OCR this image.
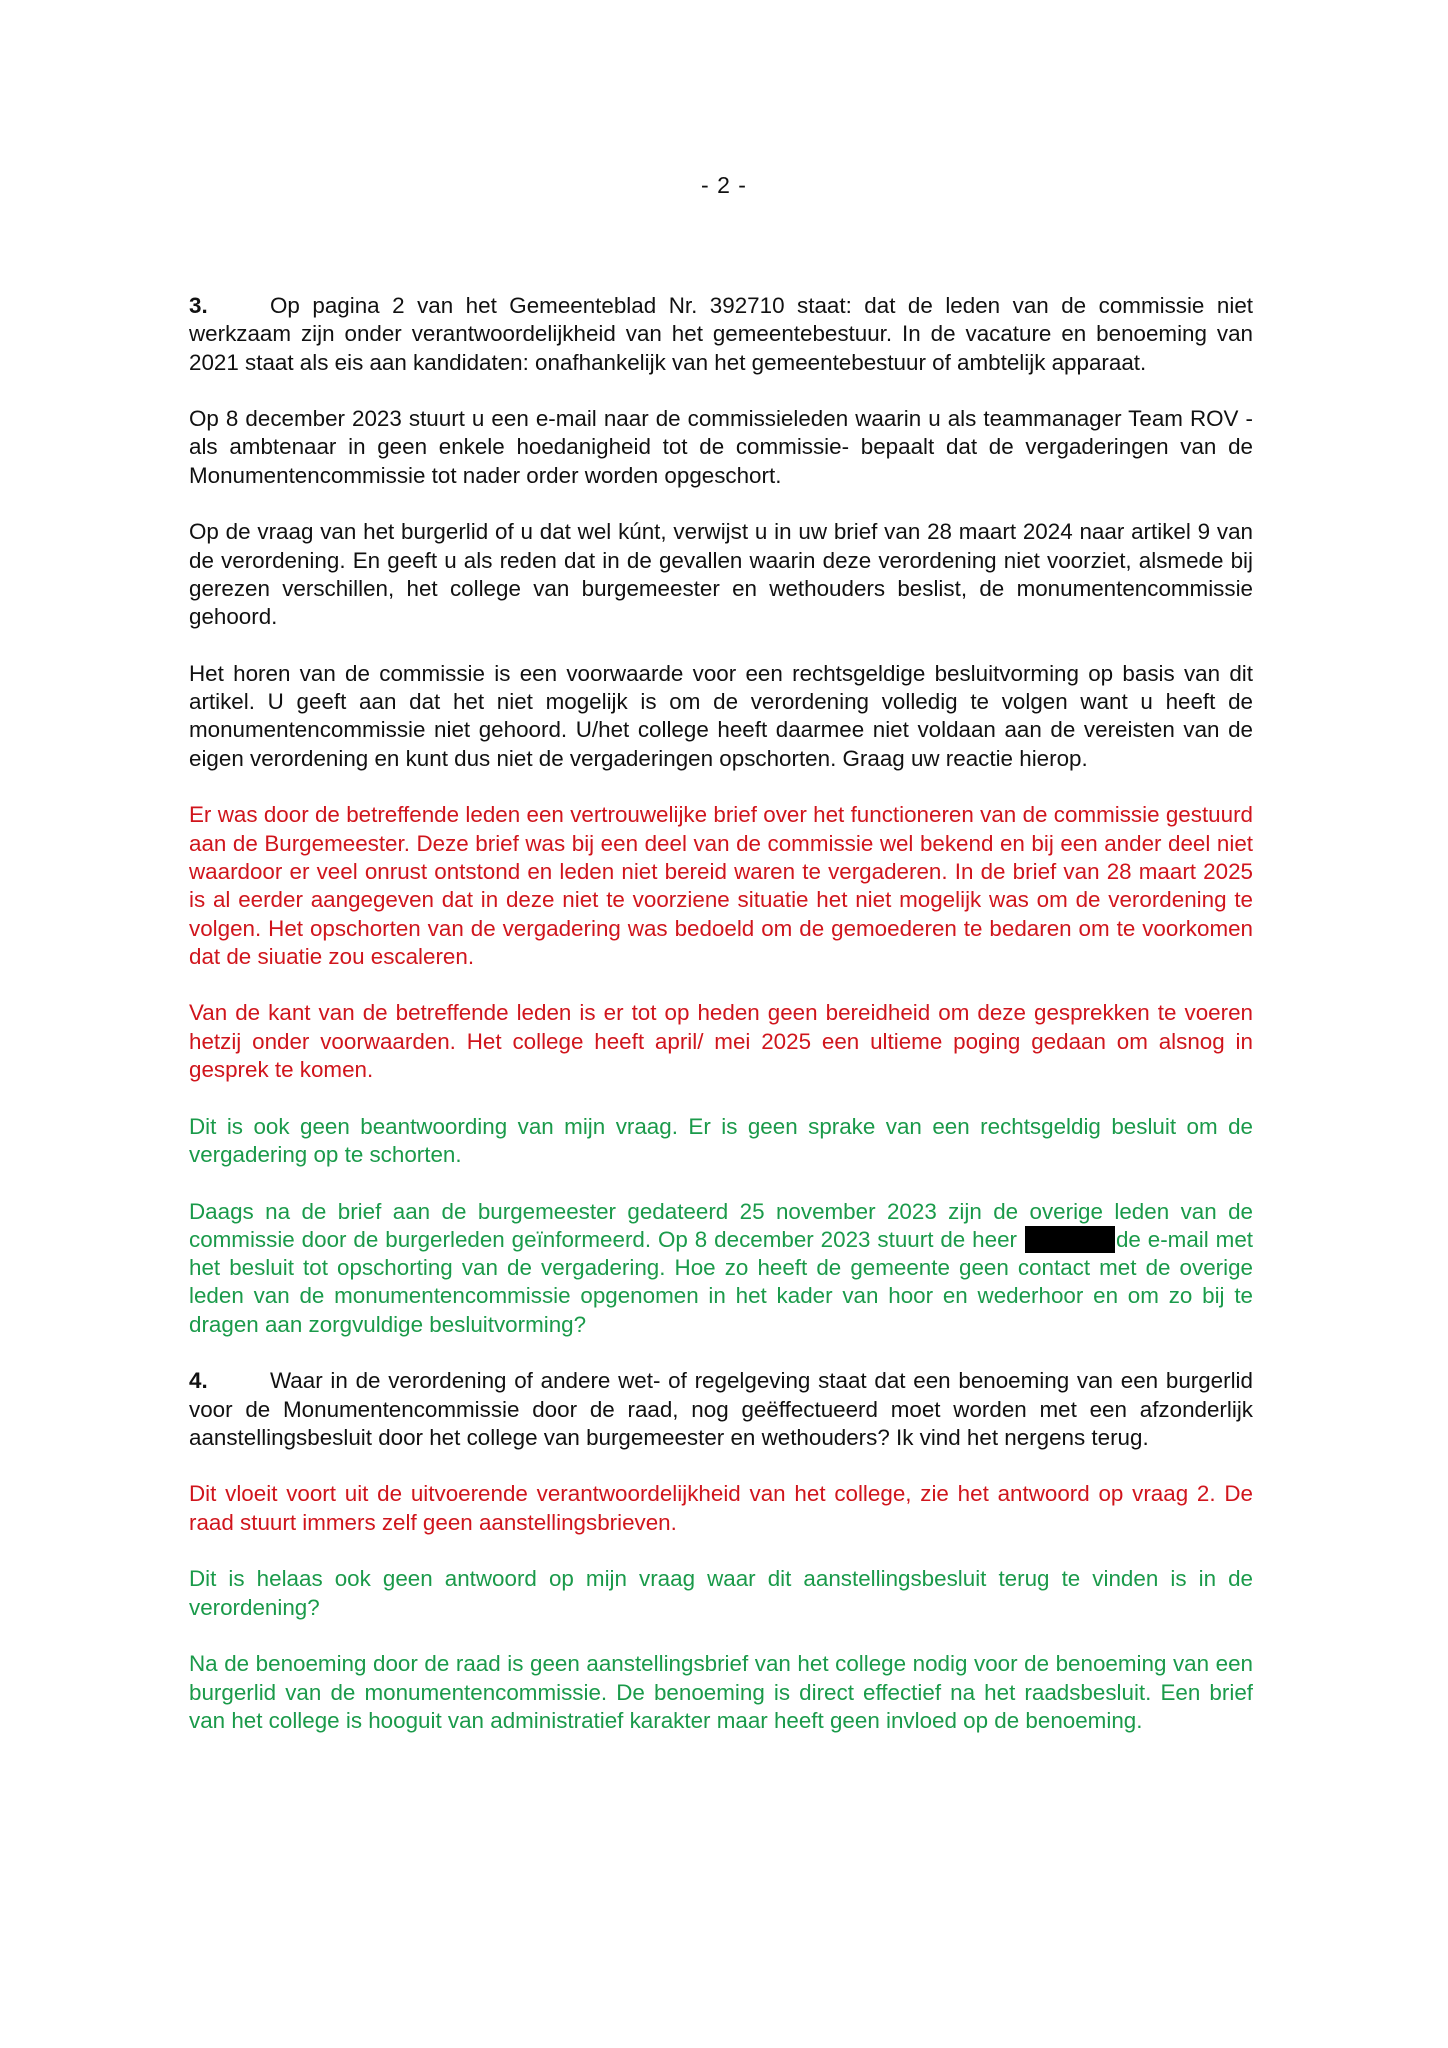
- 2 -

3.	Op pagina 2 van het Gemeenteblad Nr. 392710 staat: dat de leden van de commissie niet werkzaam zijn onder verantwoordelijkheid van het gemeentebestuur. In de vacature en benoeming van 2021 staat als eis aan kandidaten: onafhankelijk van het gemeentebestuur of ambtelijk apparaat.

Op 8 december 2023 stuurt u een e-mail naar de commissieleden waarin u als teammanager Team ROV - als ambtenaar in geen enkele hoedanigheid tot de commissie- bepaalt dat de vergaderingen van de Monumentencommissie tot nader order worden opgeschort.

Op de vraag van het burgerlid of u dat wel kúnt, verwijst u in uw brief van 28 maart 2024 naar artikel 9 van de verordening. En geeft u als reden dat in de gevallen waarin deze verordening niet voorziet, alsmede bij gerezen verschillen, het college van burgemeester en wethouders beslist, de monumentencommissie gehoord.

Het horen van de commissie is een voorwaarde voor een rechtsgeldige besluitvorming op basis van dit artikel. U geeft aan dat het niet mogelijk is om de verordening volledig te volgen want u heeft de monumentencommissie niet gehoord. U/het college heeft daarmee niet voldaan aan de vereisten van de eigen verordening en kunt dus niet de vergaderingen opschorten. Graag uw reactie hierop.

Er was door de betreffende leden een vertrouwelijke brief over het functioneren van de commissie gestuurd aan de Burgemeester. Deze brief was bij een deel van de commissie wel bekend en bij een ander deel niet waardoor er veel onrust ontstond en leden niet bereid waren te vergaderen. In de brief van 28 maart 2025 is al eerder aangegeven dat in deze niet te voorziene situatie het niet mogelijk was om de verordening te volgen. Het opschorten van de vergadering was bedoeld om de gemoederen te bedaren om te voorkomen dat de siuatie zou escaleren.

Van de kant van de betreffende leden is er tot op heden geen bereidheid om deze gesprekken te voeren hetzij onder voorwaarden. Het college heeft april/ mei 2025 een ultieme poging gedaan om alsnog in gesprek te komen.

Dit is ook geen beantwoording van mijn vraag. Er is geen sprake van een rechtsgeldig besluit om de vergadering op te schorten.

Daags na de brief aan de burgemeester gedateerd 25 november 2023 zijn de overige leden van de commissie door de burgerleden geïnformeerd. Op 8 december 2023 stuurt de heer	de e-mail met het besluit tot opschorting van de vergadering. Hoe zo heeft de gemeente geen contact met de overige leden van de monumentencommissie opgenomen in het kader van hoor en wederhoor en om zo bij te dragen aan zorgvuldige besluitvorming?

4.	Waar in de verordening of andere wet- of regelgeving staat dat een benoeming van een burgerlid voor de Monumentencommissie door de raad, nog geëffectueerd moet worden met een afzonderlijk aanstellingsbesluit door het college van burgemeester en wethouders? Ik vind het nergens terug.

Dit vloeit voort uit de uitvoerende verantwoordelijkheid van het college, zie het antwoord op vraag 2. De raad stuurt immers zelf geen aanstellingsbrieven.

Dit is helaas ook geen antwoord op mijn vraag waar dit aanstellingsbesluit terug te vinden is in de verordening?

Na de benoeming door de raad is geen aanstellingsbrief van het college nodig voor de benoeming van een burgerlid van de monumentencommissie. De benoeming is direct effectief na het raadsbesluit. Een brief van het college is hooguit van administratief karakter maar heeft geen invloed op de benoeming.
